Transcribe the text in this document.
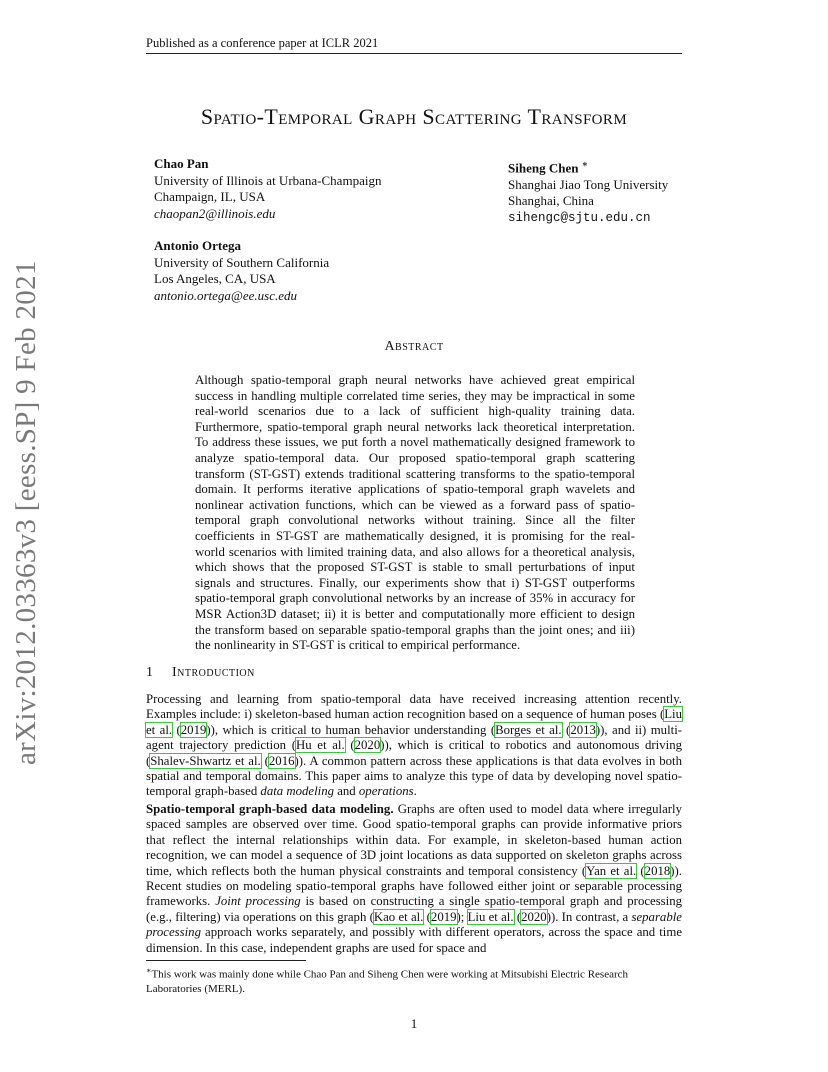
Published as a conference paper at ICLR 2021
arXiv:2012.03363v3 [eess.SP] 9 Feb 2021
Spatio-Temporal Graph Scattering Transform
Chao Pan
University of Illinois at Urbana-Champaign
Champaign, IL, USA
chaopan2@illinois.edu
Siheng Chen ∗
Shanghai Jiao Tong University
Shanghai, China
sihengc@sjtu.edu.cn
Antonio Ortega
University of Southern California
Los Angeles, CA, USA
antonio.ortega@ee.usc.edu
Abstract
Although spatio-temporal graph neural networks have achieved great empirical success in handling multiple correlated time series, they may be impractical in some real-world scenarios due to a lack of sufficient high-quality training data. Furthermore, spatio-temporal graph neural networks lack theoretical interpretation. To address these issues, we put forth a novel mathematically designed framework to analyze spatio-temporal data. Our proposed spatio-temporal graph scattering transform (ST-GST) extends traditional scattering transforms to the spatio-temporal domain. It performs iterative applications of spatio-temporal graph wavelets and nonlinear activation functions, which can be viewed as a forward pass of spatio-temporal graph convolutional networks without training. Since all the filter coefficients in ST-GST are mathematically designed, it is promising for the real-world scenarios with limited training data, and also allows for a theoretical analysis, which shows that the proposed ST-GST is stable to small perturbations of input signals and structures. Finally, our experiments show that i) ST-GST outperforms spatio-temporal graph convolutional networks by an increase of 35% in accuracy for MSR Action3D dataset; ii) it is better and computationally more efficient to design the transform based on separable spatio-temporal graphs than the joint ones; and iii) the nonlinearity in ST-GST is critical to empirical performance.
1 Introduction
Processing and learning from spatio-temporal data have received increasing attention recently. Examples include: i) skeleton-based human action recognition based on a sequence of human poses (Liu et al. (2019)), which is critical to human behavior understanding (Borges et al. (2013)), and ii) multi-agent trajectory prediction (Hu et al. (2020)), which is critical to robotics and autonomous driving (Shalev-Shwartz et al. (2016)). A common pattern across these applications is that data evolves in both spatial and temporal domains. This paper aims to analyze this type of data by developing novel spatio-temporal graph-based data modeling and operations.
Spatio-temporal graph-based data modeling. Graphs are often used to model data where irregularly spaced samples are observed over time. Good spatio-temporal graphs can provide informative priors that reflect the internal relationships within data. For example, in skeleton-based human action recognition, we can model a sequence of 3D joint locations as data supported on skeleton graphs across time, which reflects both the human physical constraints and temporal consistency (Yan et al. (2018)). Recent studies on modeling spatio-temporal graphs have followed either joint or separable processing frameworks. Joint processing is based on constructing a single spatio-temporal graph and processing (e.g., filtering) via operations on this graph (Kao et al. (2019); Liu et al. (2020)). In contrast, a separable processing approach works separately, and possibly with different operators, across the space and time dimension. In this case, independent graphs are used for space and
∗This work was mainly done while Chao Pan and Siheng Chen were working at Mitsubishi Electric Research Laboratories (MERL).
1
